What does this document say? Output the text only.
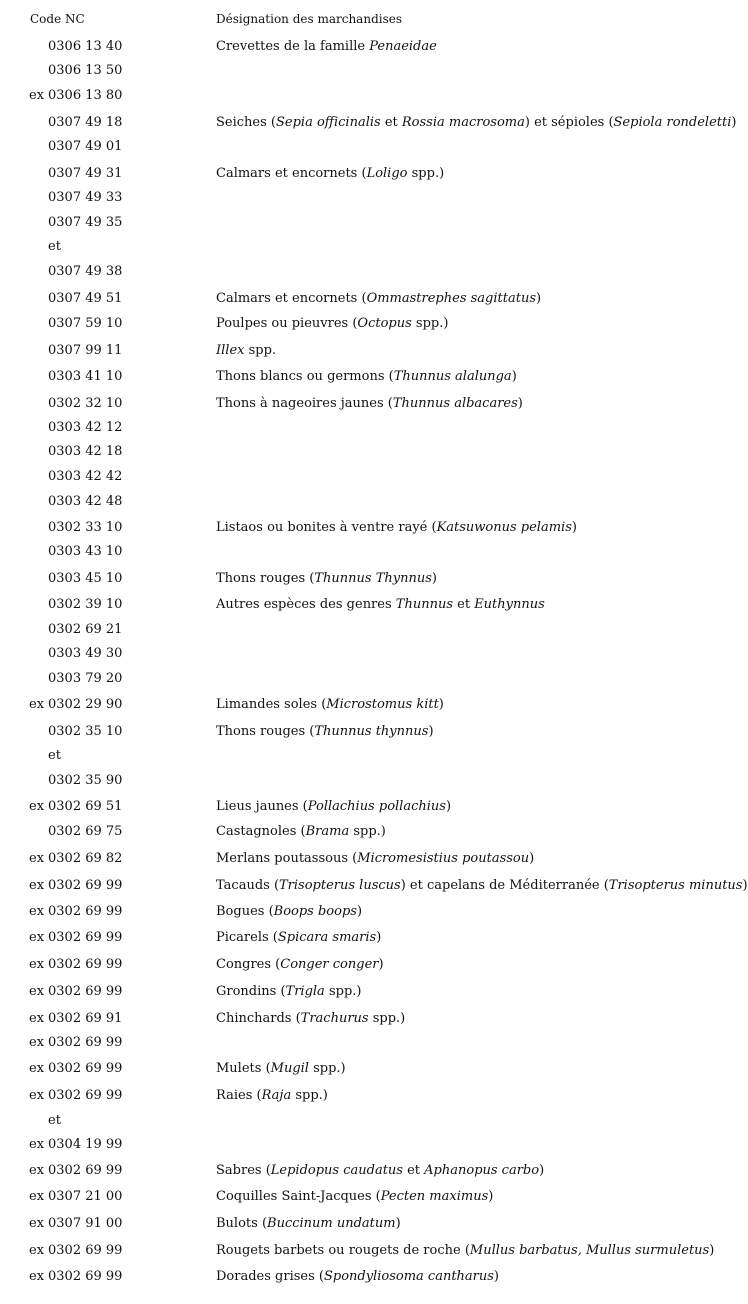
Code NC	Désignation des marchandises
0306 13 40	Crevettes de la famille Penaeidae
0306 13 50
ex 0306 13 80
0307 49 18	Seiches (Sepia officinalis et Rossia macrosoma) et sépioles (Sepiola rondeletti)
0307 49 01
0307 49 31	Calmars et encornets (Loligo spp.)
0307 49 33
0307 49 35
et
0307 49 38
0307 49 51	Calmars et encornets (Ommastrephes sagittatus)
0307 59 10	Poulpes ou pieuvres (Octopus spp.)
0307 99 11	Illex spp.
0303 41 10	Thons blancs ou germons (Thunnus alalunga)
0302 32 10	Thons à nageoires jaunes (Thunnus albacares)
0303 42 12
0303 42 18
0303 42 42
0303 42 48
0302 33 10	Listaos ou bonites à ventre rayé (Katsuwonus pelamis)
0303 43 10
0303 45 10	Thons rouges (Thunnus Thynnus)
0302 39 10	Autres espèces des genres Thunnus et Euthynnus
0302 69 21
0303 49 30
0303 79 20
ex 0302 29 90	Limandes soles (Microstomus kitt)
0302 35 10	Thons rouges (Thunnus thynnus)
et
0302 35 90
ex 0302 69 51	Lieus jaunes (Pollachius pollachius)
0302 69 75	Castagnoles (Brama spp.)
ex 0302 69 82	Merlans poutassous (Micromesistius poutassou)
ex 0302 69 99	Tacauds (Trisopterus luscus) et capelans de Méditerranée (Trisopterus minutus)
ex 0302 69 99	Bogues (Boops boops)
ex 0302 69 99	Picarels (Spicara smaris)
ex 0302 69 99	Congres (Conger conger)
ex 0302 69 99	Grondins (Trigla spp.)
ex 0302 69 91	Chinchards (Trachurus spp.)
ex 0302 69 99
ex 0302 69 99	Mulets (Mugil spp.)
ex 0302 69 99	Raies (Raja spp.)
et
ex 0304 19 99
ex 0302 69 99	Sabres (Lepidopus caudatus et Aphanopus carbo)
ex 0307 21 00	Coquilles Saint-Jacques (Pecten maximus)
ex 0307 91 00	Bulots (Buccinum undatum)
ex 0302 69 99	Rougets barbets ou rougets de roche (Mullus barbatus, Mullus surmuletus)
ex 0302 69 99	Dorades grises (Spondyliosoma cantharus)
